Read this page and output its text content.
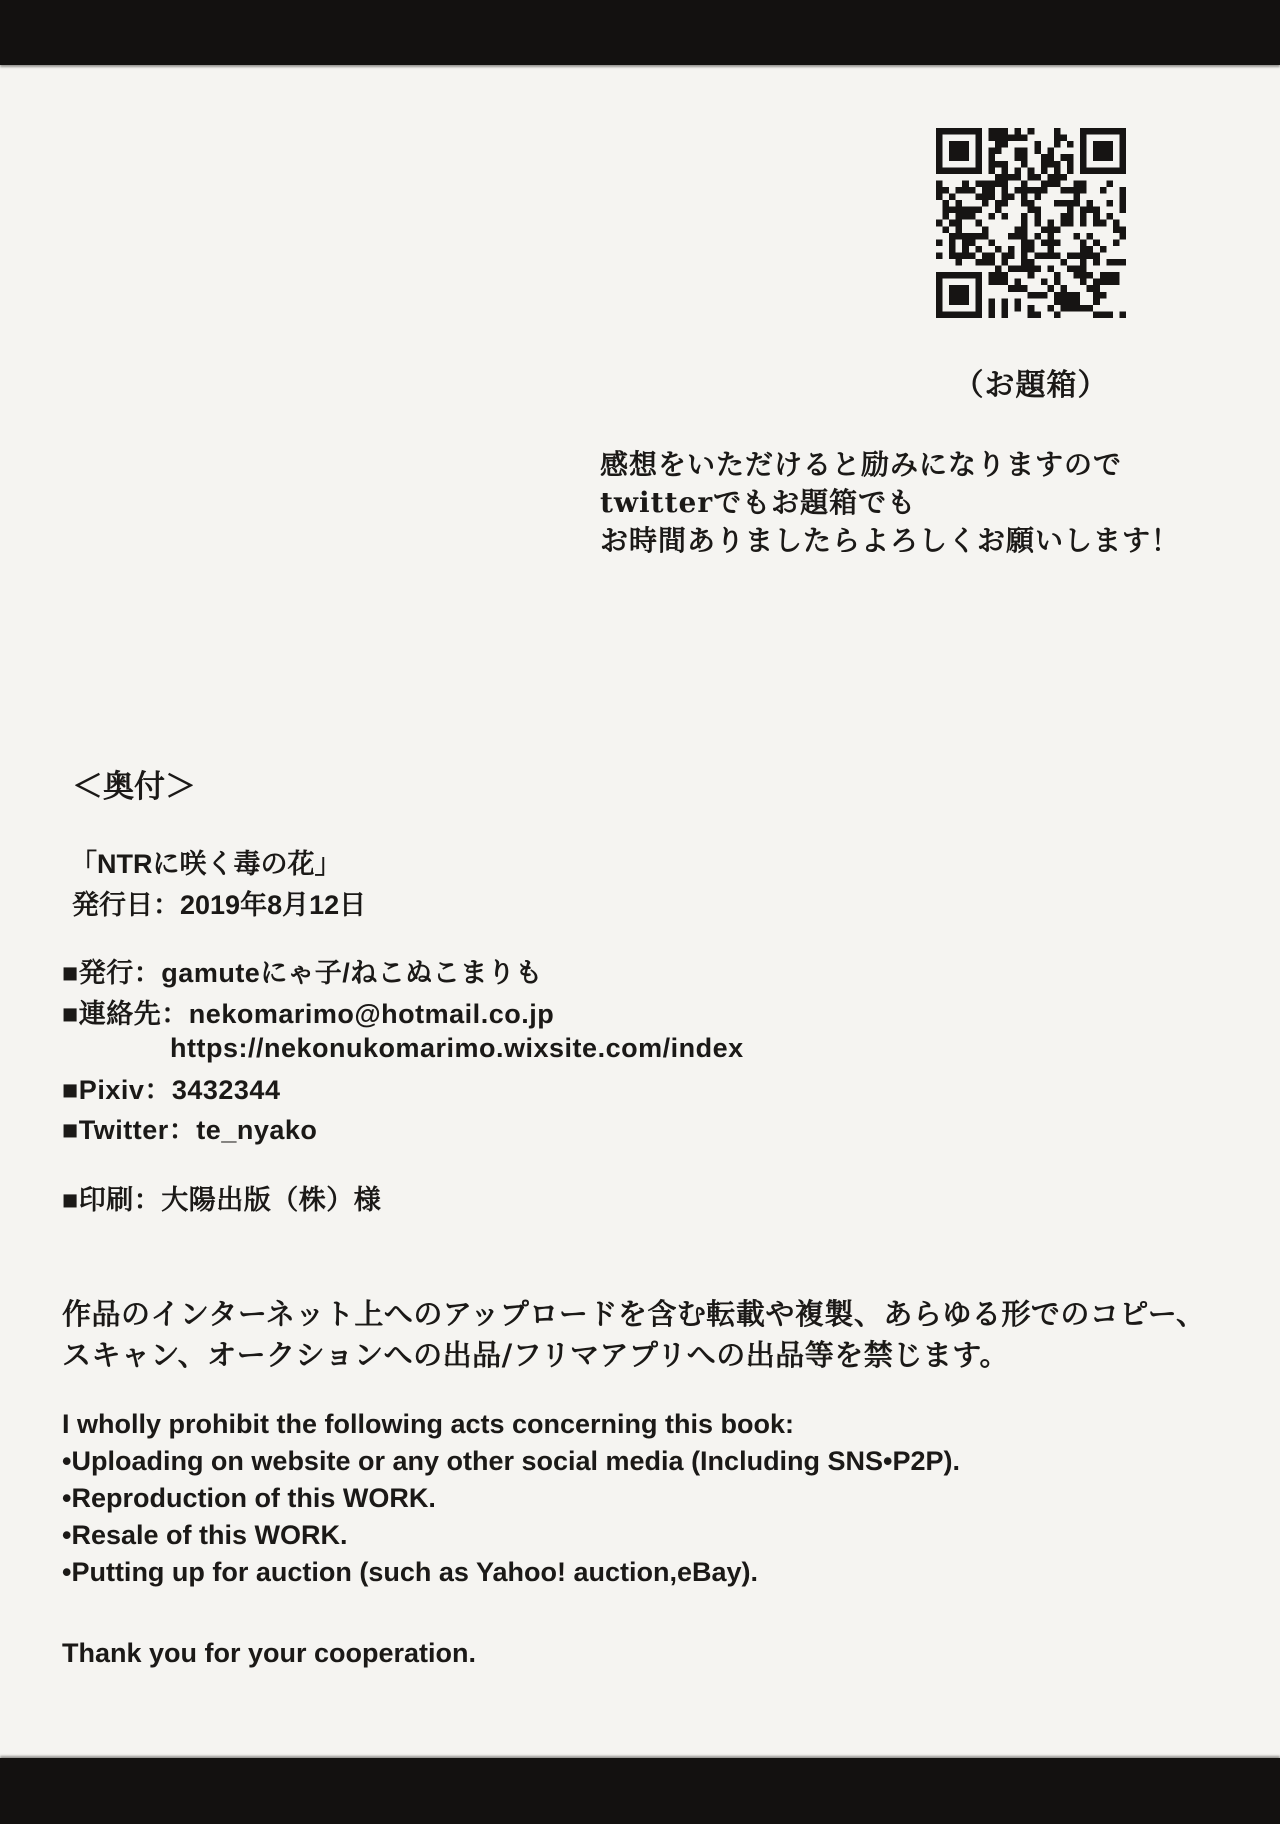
（お題箱）
感想をいただけると励みになりますので
twitterでもお題箱でも
お時間ありましたらよろしくお願いします！
＜奥付＞
「NTRに咲く毒の花」
発行日：2019年8月12日
■発行：gamuteにゃ子/ねこぬこまりも
■連絡先：nekomarimo@hotmail.co.jp
https://nekonukomarimo.wixsite.com/index
■Pixiv：3432344
■Twitter：te_nyako
■印刷：大陽出版（株）様
作品のインターネット上へのアップロードを含む転載や複製、あらゆる形でのコピー、
スキャン、オークションへの出品/フリマアプリへの出品等を禁じます。
I wholly prohibit the following acts concerning this book:
•Uploading on website or any other social media (Including SNS•P2P).
•Reproduction of this WORK.
•Resale of this WORK.
•Putting up for auction (such as Yahoo! auction,eBay).
Thank you for your cooperation.
